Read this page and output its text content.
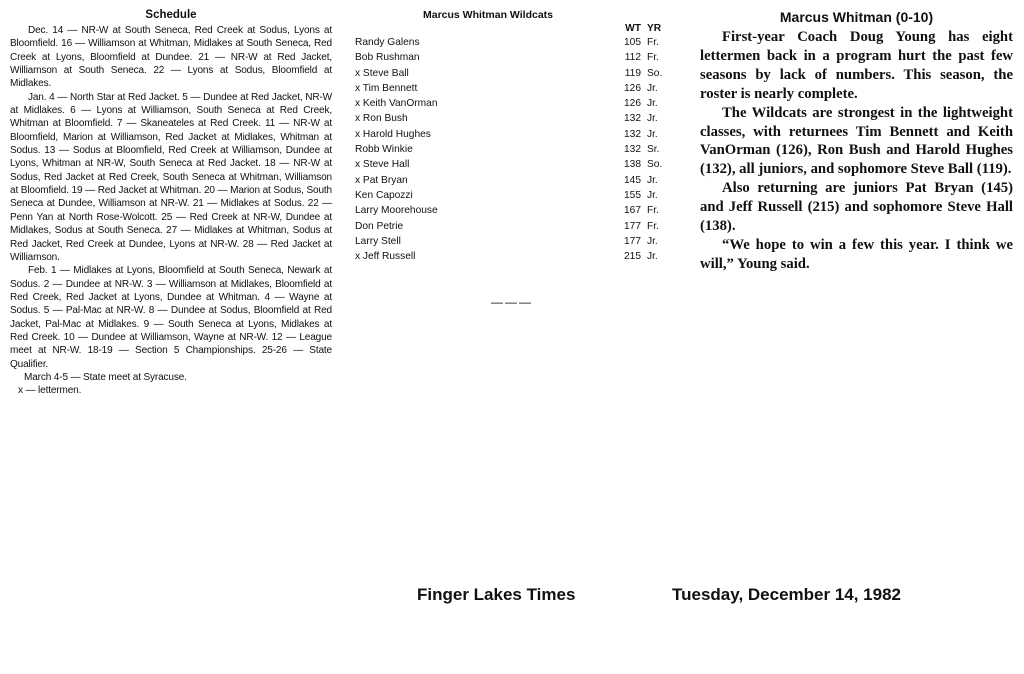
Schedule

Dec. 14 — NR-W at South Seneca, Red Creek at Sodus, Lyons at Bloomfield. 16 — Williamson at Whitman, Midlakes at South Seneca, Red Creek at Lyons, Bloomfield at Dundee. 21 — NR-W at Red Jacket, Williamson at South Seneca. 22 — Lyons at Sodus, Bloomfield at Midlakes.

Jan. 4 — North Star at Red Jacket. 5 — Dundee at Red Jacket, NR-W at Midlakes. 6 — Lyons at Williamson, South Seneca at Red Creek, Whitman at Bloomfield. 7 — Skaneateles at Red Creek. 11 — NR-W at Bloomfield, Marion at Williamson, Red Jacket at Midlakes, Whitman at Sodus. 13 — Sodus at Bloomfield, Red Creek at Williamson, Dundee at Lyons, Whitman at NR-W, South Seneca at Red Jacket. 18 — NR-W at Sodus, Red Jacket at Red Creek, South Seneca at Whitman, Williamson at Bloomfield. 19 — Red Jacket at Whitman. 20 — Marion at Sodus, South Seneca at Dundee, Williamson at NR-W. 21 — Midlakes at Sodus. 22 — Penn Yan at North Rose-Wolcott. 25 — Red Creek at NR-W, Dundee at Midlakes, Sodus at South Seneca. 27 — Midlakes at Whitman, Sodus at Red Jacket, Red Creek at Dundee, Lyons at NR-W. 28 — Red Jacket at Williamson.

Feb. 1 — Midlakes at Lyons, Bloomfield at South Seneca, Newark at Sodus. 2 — Dundee at NR-W. 3 — Williamson at Midlakes, Bloomfield at Red Creek, Red Jacket at Lyons, Dundee at Whitman. 4 — Wayne at Sodus. 5 — Pal-Mac at NR-W. 8 — Dundee at Sodus, Bloomfield at Red Jacket, Pal-Mac at Midlakes. 9 — South Seneca at Lyons, Midlakes at Red Creek. 10 — Dundee at Williamson, Wayne at NR-W. 12 — League meet at NR-W. 18-19 — Section 5 Championships. 25-26 — State Qualifier.

March 4-5 — State meet at Syracuse.

x — lettermen.

Marcus Whitman Wildcats
	WT	YR
Randy Galens	105	Fr.
Bob Rushman	112	Fr.
x Steve Ball	119	So.
x Tim Bennett	126	Jr.
x Keith VanOrman	126	Jr.
x Ron Bush	132	Jr.
x Harold Hughes	132	Jr.
Robb Winkie	132	Sr.
x Steve Hall	138	So.
x Pat Bryan	145	Jr.
Ken Capozzi	155	Jr.
Larry Moorehouse	167	Fr.
Don Petrie	177	Fr.
Larry Stell	177	Jr.
x Jeff Russell	215	Jr.
———
Marcus Whitman (0-10)

First-year Coach Doug Young has eight lettermen back in a program hurt the past few seasons by lack of numbers. This season, the roster is nearly complete.

The Wildcats are strongest in the lightweight classes, with returnees Tim Bennett and Keith VanOrman (126), Ron Bush and Harold Hughes (132), all juniors, and sophomore Steve Ball (119).

Also returning are juniors Pat Bryan (145) and Jeff Russell (215) and sophomore Steve Hall (138).

“We hope to win a few this year. I think we will,” Young said.

Finger Lakes Times	Tuesday, December 14, 1982
